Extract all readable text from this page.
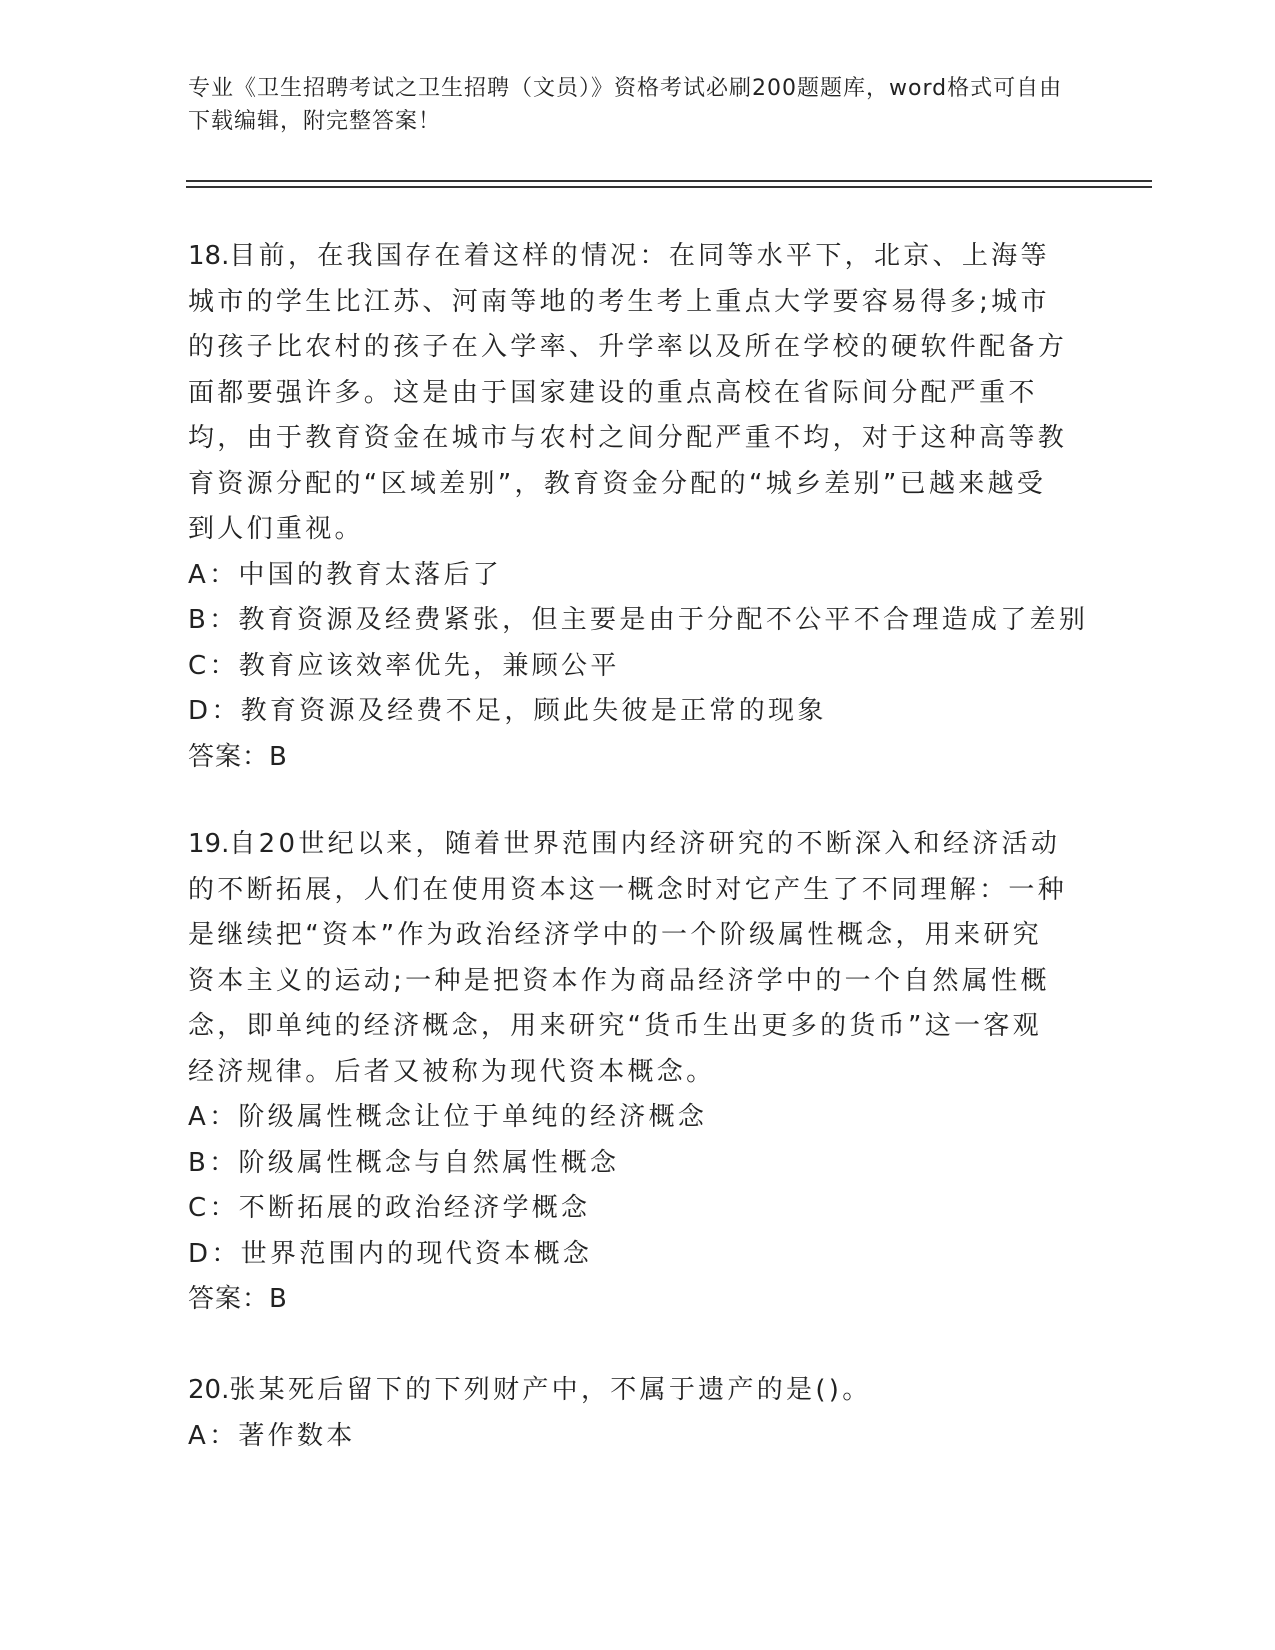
专业《卫生招聘考试之卫生招聘（文员）》资格考试必刷200题题库，word格式可自由下载编辑，附完整答案！

18.目前，在我国存在着这样的情况：在同等水平下，北京、上海等城市的学生比江苏、河南等地的考生考上重点大学要容易得多;城市的孩子比农村的孩子在入学率、升学率以及所在学校的硬软件配备方面都要强许多。这是由于国家建设的重点高校在省际间分配严重不均，由于教育资金在城市与农村之间分配严重不均，对于这种高等教育资源分配的“区域差别”，教育资金分配的“城乡差别”已越来越受到人们重视。

A：中国的教育太落后了

B：教育资源及经费紧张，但主要是由于分配不公平不合理造成了差别

C：教育应该效率优先，兼顾公平

D：教育资源及经费不足，顾此失彼是正常的现象

答案：B

19.自20世纪以来，随着世界范围内经济研究的不断深入和经济活动的不断拓展，人们在使用资本这一概念时对它产生了不同理解：一种是继续把“资本”作为政治经济学中的一个阶级属性概念，用来研究资本主义的运动;一种是把资本作为商品经济学中的一个自然属性概念，即单纯的经济概念，用来研究“货币生出更多的货币”这一客观经济规律。后者又被称为现代资本概念。

A：阶级属性概念让位于单纯的经济概念

B：阶级属性概念与自然属性概念

C：不断拓展的政治经济学概念

D：世界范围内的现代资本概念

答案：B

20.张某死后留下的下列财产中，不属于遗产的是()。

A：著作数本
